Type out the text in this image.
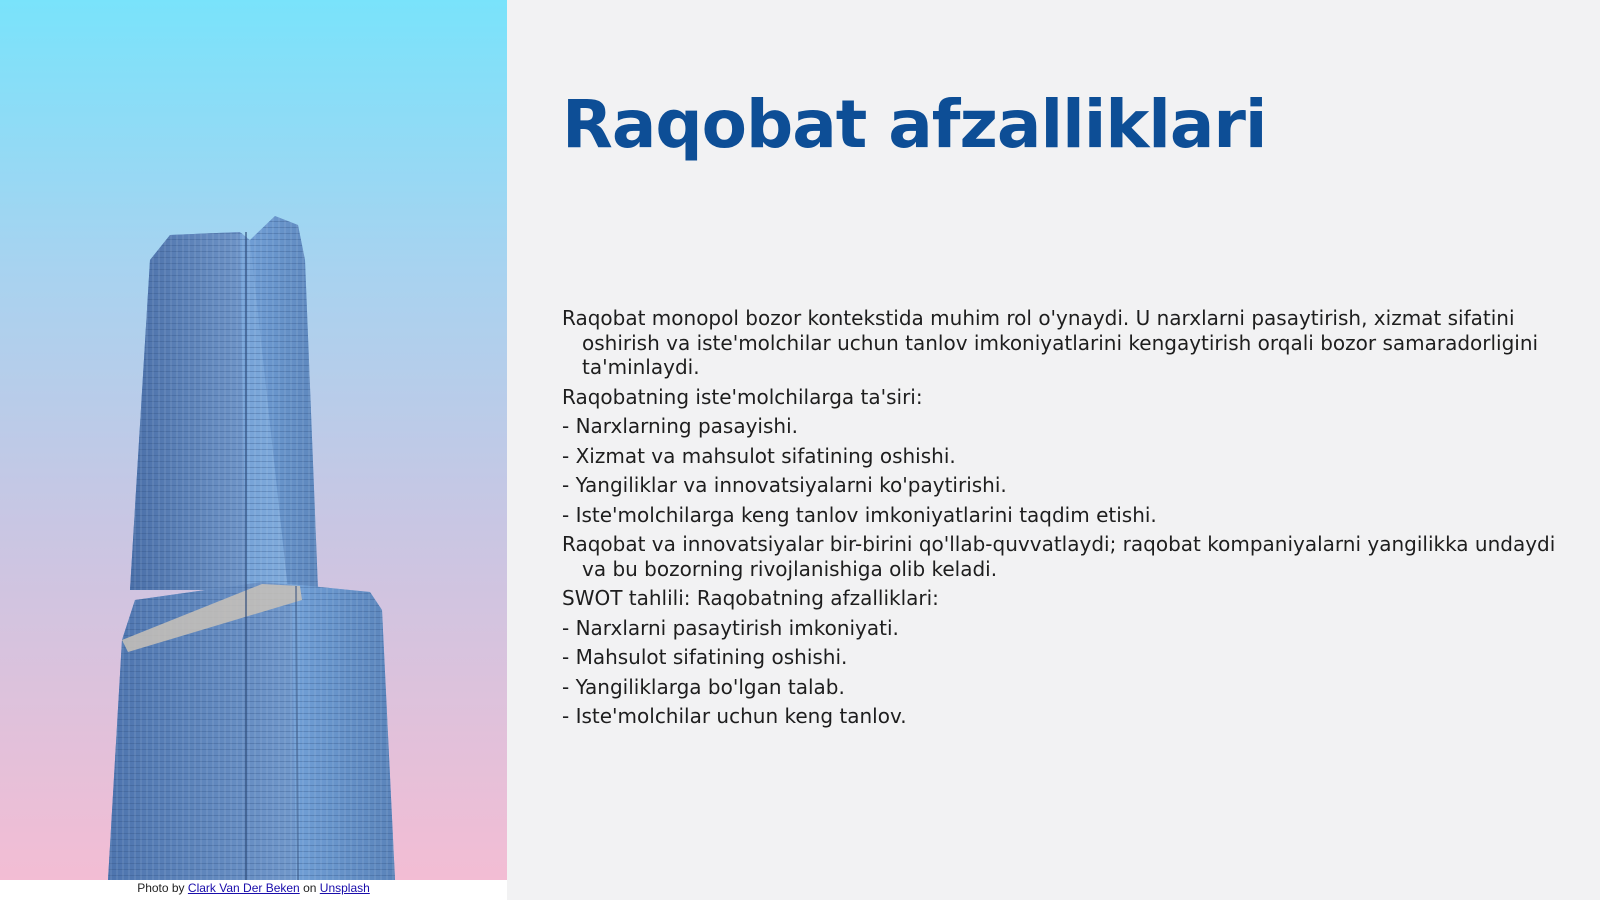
Photo by Clark Van Der Beken on Unsplash
Raqobat afzalliklari

Raqobat monopol bozor kontekstida muhim rol o'ynaydi. U narxlarni pasaytirish, xizmat sifatini oshirish va iste'molchilar uchun tanlov imkoniyatlarini kengaytirish orqali bozor samaradorligini ta'minlaydi.

Raqobatning iste'molchilarga ta'siri:

- Narxlarning pasayishi.

- Xizmat va mahsulot sifatining oshishi.

- Yangiliklar va innovatsiyalarni ko'paytirishi.

- Iste'molchilarga keng tanlov imkoniyatlarini taqdim etishi.

Raqobat va innovatsiyalar bir-birini qo'llab-quvvatlaydi; raqobat kompaniyalarni yangilikka undaydi va bu bozorning rivojlanishiga olib keladi.

SWOT tahlili: Raqobatning afzalliklari:

- Narxlarni pasaytirish imkoniyati.

- Mahsulot sifatining oshishi.

- Yangiliklarga bo'lgan talab.

- Iste'molchilar uchun keng tanlov.
